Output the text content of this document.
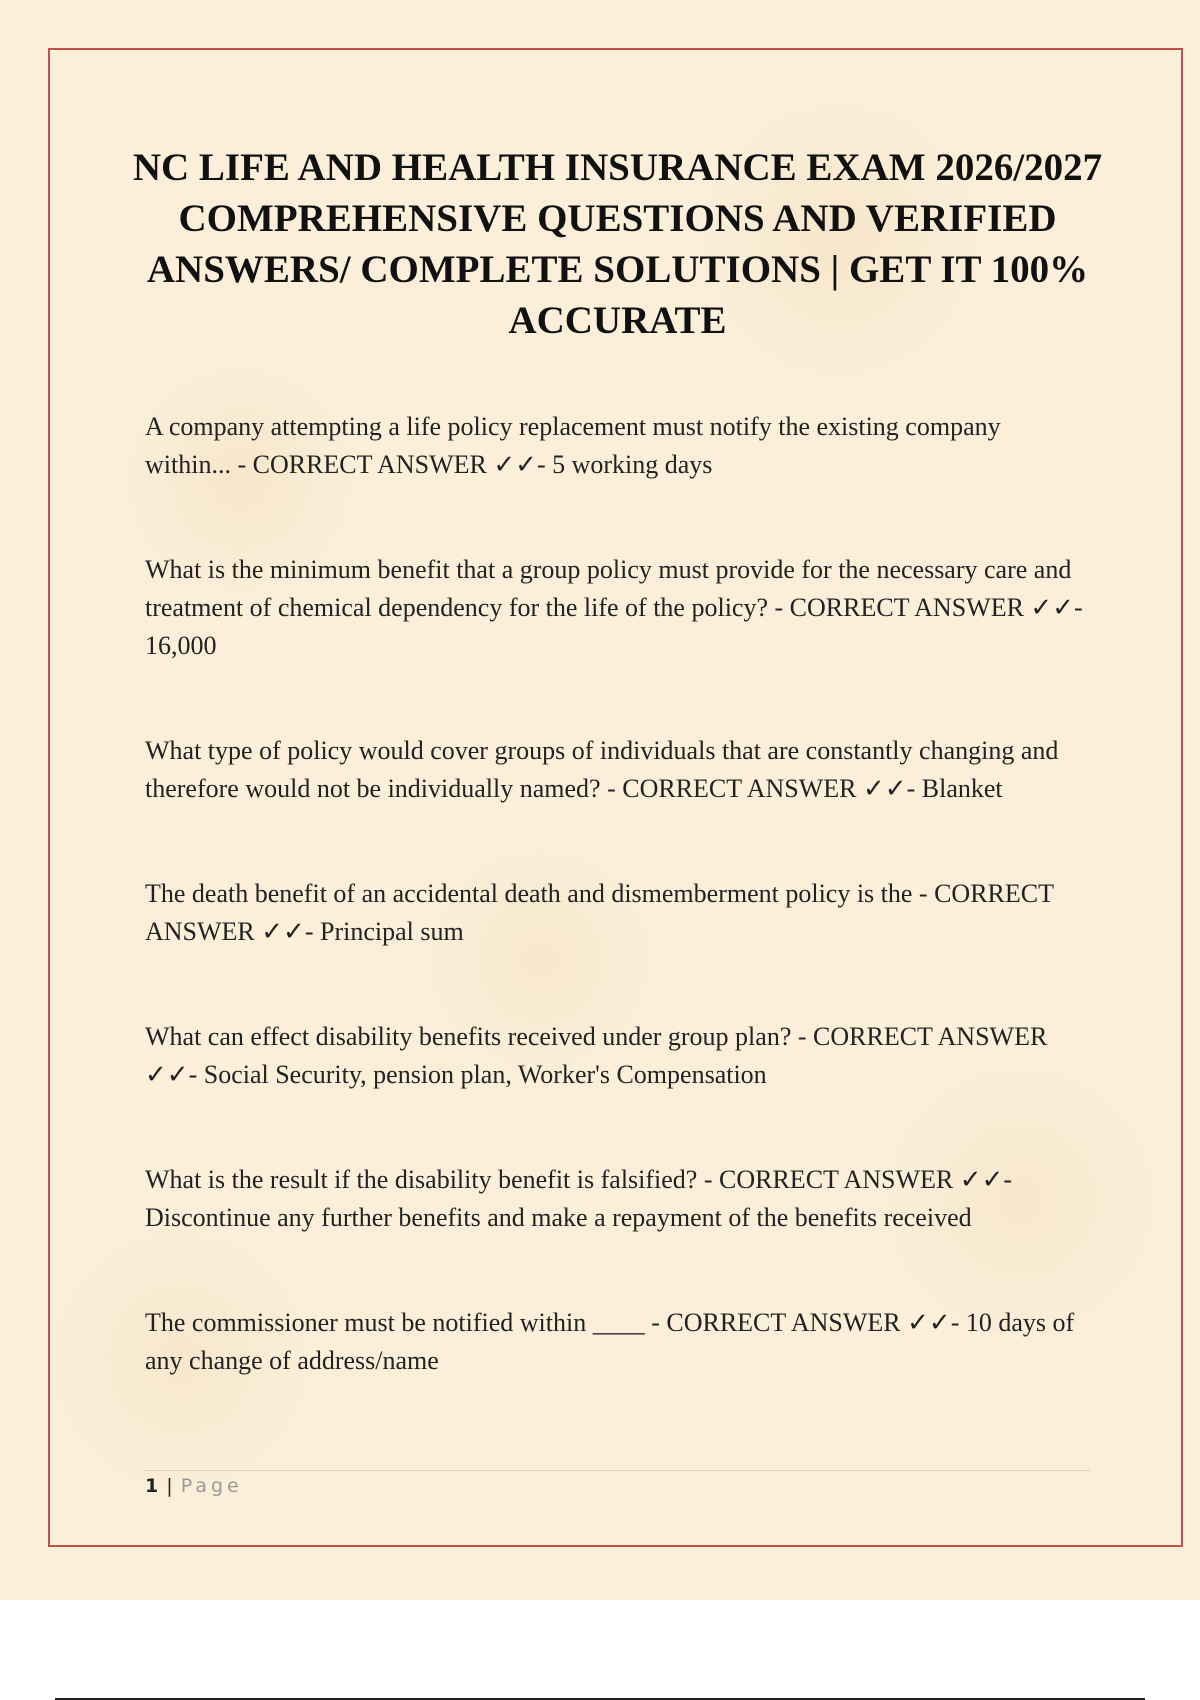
NC LIFE AND HEALTH INSURANCE EXAM 2026/2027 COMPREHENSIVE QUESTIONS AND VERIFIED ANSWERS/ COMPLETE SOLUTIONS | GET IT 100% ACCURATE

A company attempting a life policy replacement must notify the existing company within... - CORRECT ANSWER ✓✓- 5 working days

What is the minimum benefit that a group policy must provide for the necessary care and treatment of chemical dependency for the life of the policy? - CORRECT ANSWER ✓✓- 16,000

What type of policy would cover groups of individuals that are constantly changing and therefore would not be individually named? - CORRECT ANSWER ✓✓- Blanket

The death benefit of an accidental death and dismemberment policy is the - CORRECT ANSWER ✓✓- Principal sum

What can effect disability benefits received under group plan? - CORRECT ANSWER ✓✓- Social Security, pension plan, Worker's Compensation

What is the result if the disability benefit is falsified? - CORRECT ANSWER ✓✓- Discontinue any further benefits and make a repayment of the benefits received

The commissioner must be notified within ____ - CORRECT ANSWER ✓✓- 10 days of any change of address/name

1 | Page
